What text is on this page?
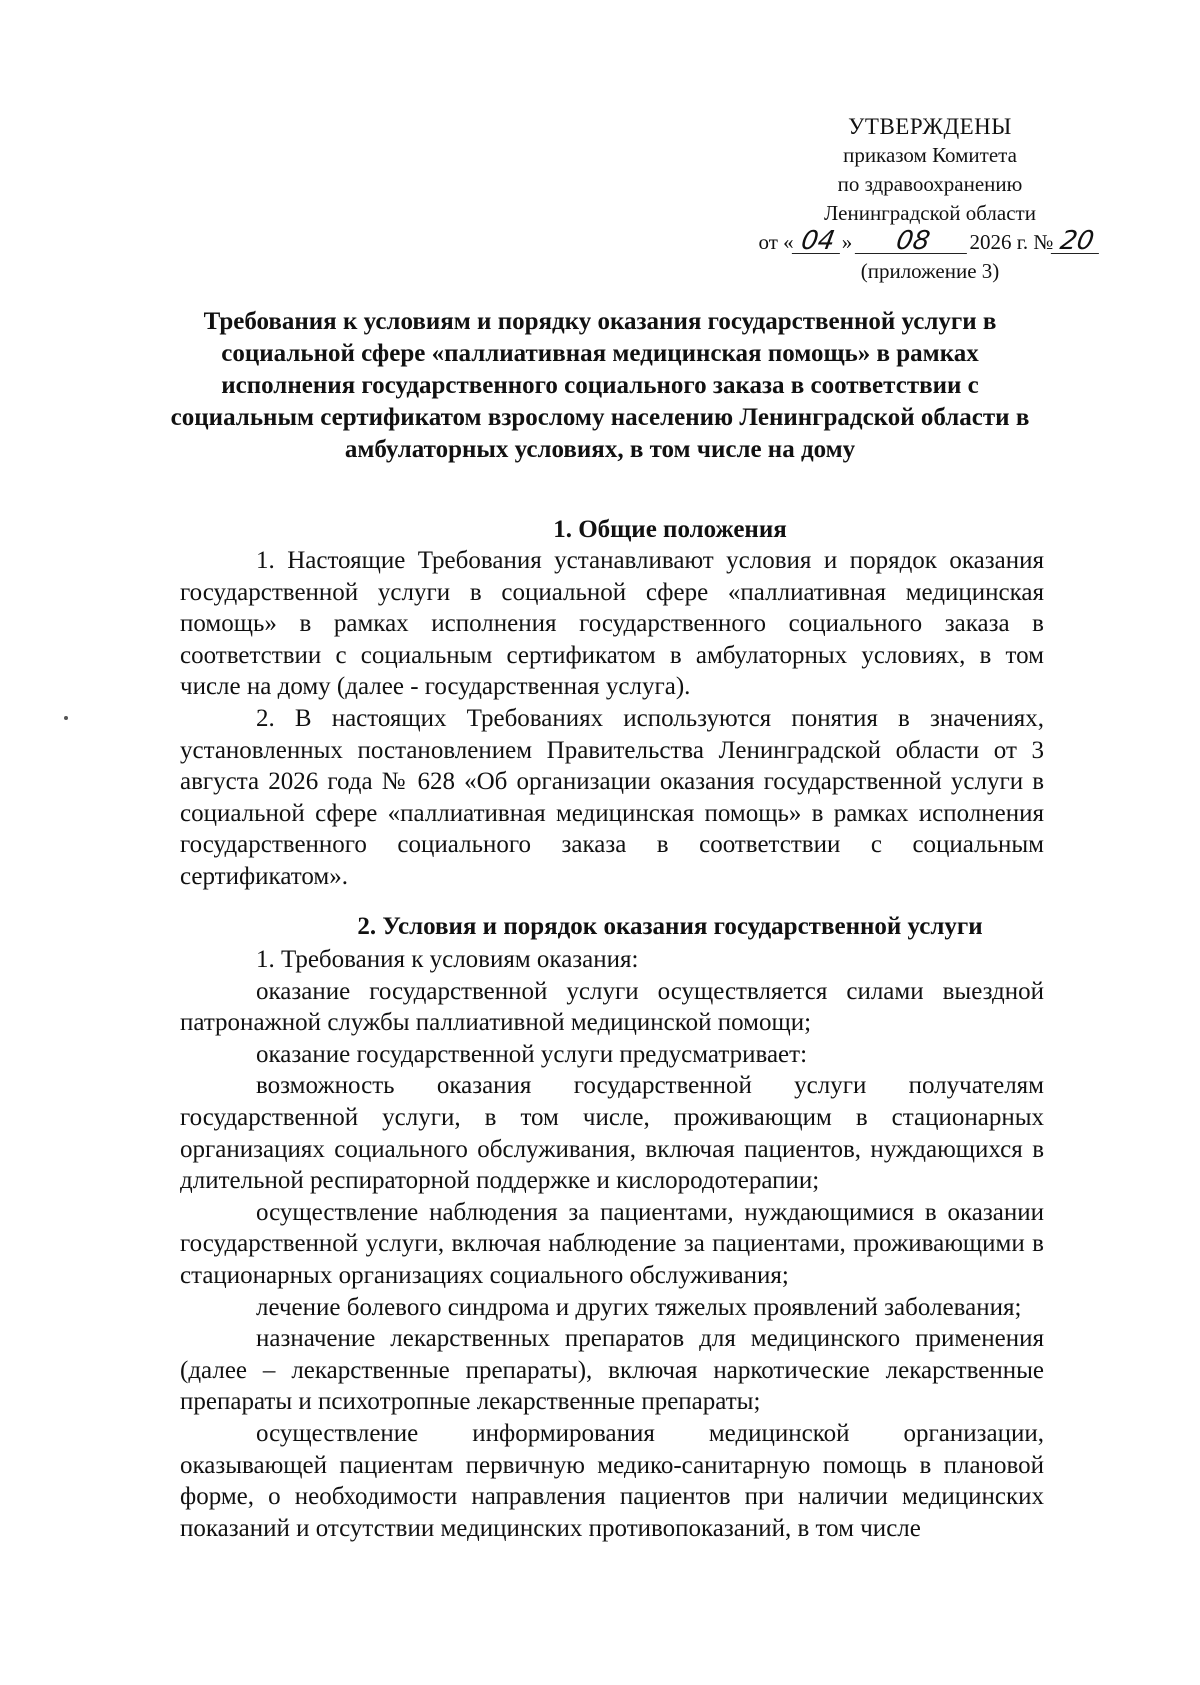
УТВЕРЖДЕНЫ
приказом Комитета
по здравоохранению
Ленинградской области
от « 04 » 08 2026 г. № 20
(приложение 3)
Требования к условиям и порядку оказания государственной услуги в социальной сфере «паллиативная медицинская помощь» в рамках исполнения государственного социального заказа в соответствии с социальным сертификатом взрослому населению Ленинградской области в амбулаторных условиях, в том числе на дому
1. Общие положения

1. Настоящие Требования устанавливают условия и порядок оказания государственной услуги в социальной сфере «паллиативная медицинская помощь» в рамках исполнения государственного социального заказа в соответствии с социальным сертификатом в амбулаторных условиях, в том числе на дому (далее - государственная услуга).

2. В настоящих Требованиях используются понятия в значениях, установленных постановлением Правительства Ленинградской области от 3 августа 2026 года № 628 «Об организации оказания государственной услуги в социальной сфере «паллиативная медицинская помощь» в рамках исполнения государственного социального заказа в соответствии с социальным сертификатом».

2. Условия и порядок оказания государственной услуги

1. Требования к условиям оказания:

оказание государственной услуги осуществляется силами выездной патронажной службы паллиативной медицинской помощи;

оказание государственной услуги предусматривает:

возможность оказания государственной услуги получателям государственной услуги, в том числе, проживающим в стационарных организациях социального обслуживания, включая пациентов, нуждающихся в длительной респираторной поддержке и кислородотерапии;

осуществление наблюдения за пациентами, нуждающимися в оказании государственной услуги, включая наблюдение за пациентами, проживающими в стационарных организациях социального обслуживания;

лечение болевого синдрома и других тяжелых проявлений заболевания;

назначение лекарственных препаратов для медицинского применения (далее – лекарственные препараты), включая наркотические лекарственные препараты и психотропные лекарственные препараты;

осуществление информирования медицинской организации, оказывающей пациентам первичную медико-санитарную помощь в плановой форме, о необходимости направления пациентов при наличии медицинских показаний и отсутствии медицинских противопоказаний, в том числе
